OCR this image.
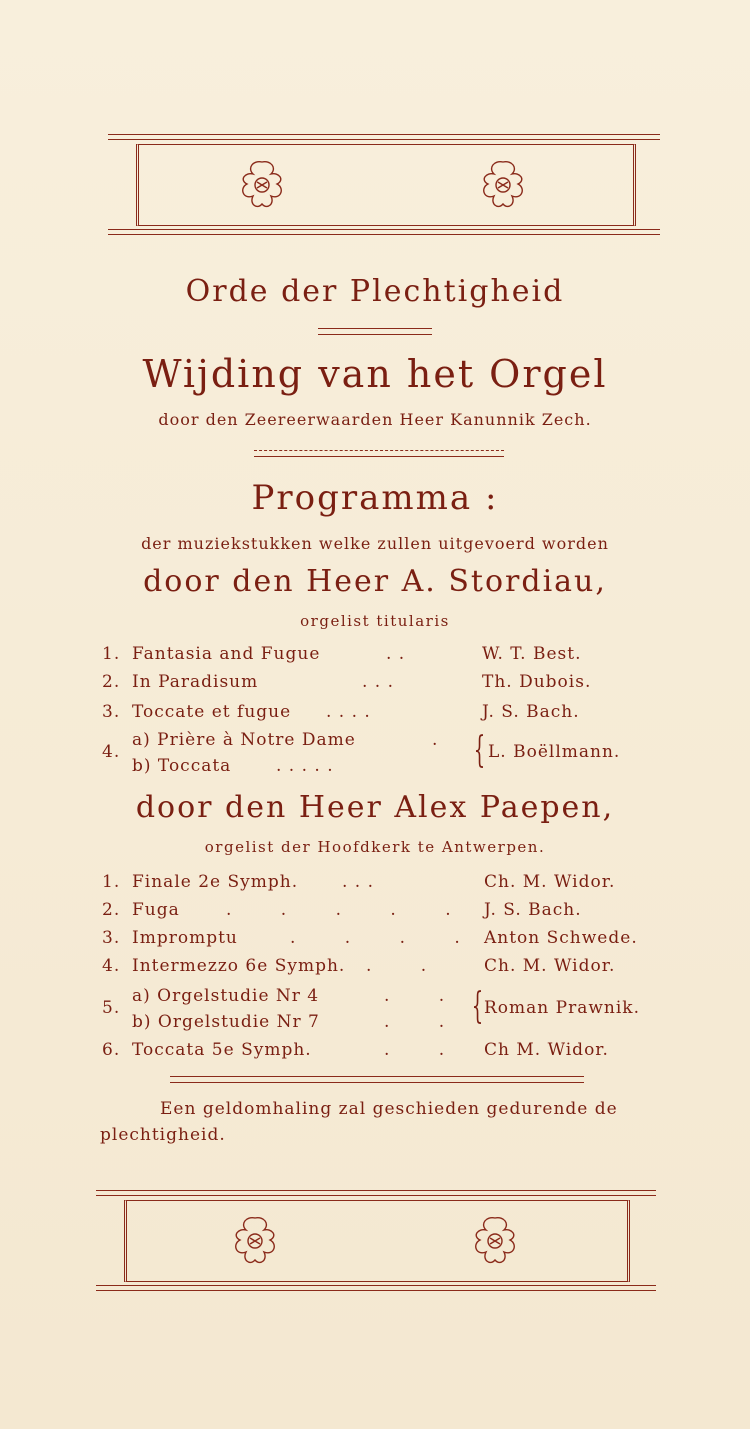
Orde der Plechtigheid
Wijding van het Orgel
door den Zeereerwaarden Heer Kanunnik Zech.
Programma :
der muziekstukken welke zullen uitgevoerd worden
door den Heer A. Stordiau,
orgelist titularis
1. Fantasia and Fugue	. .	W. T. Best.
2. In Paradisum	. . .	Th. Dubois.
3. Toccate et fugue . . . .	J. S. Bach.
4.
a) Prière à Notre Dame	.
b) Toccata	. . . . .	{ L. Boëllmann.
door den Heer Alex Paepen,
orgelist der Hoofdkerk te Antwerpen.
1. Finale 2e Symph.	. . .	Ch. M. Widor.
2. Fuga	. . . . . J. S. Bach.
3. Impromptu	. . . . Anton Schwede.
4. Intermezzo 6e Symph. . . Ch. M. Widor.
5.
a) Orgelstudie Nr 4	. .
b) Orgelstudie Nr 7	. . { Roman Prawnik.
6. Toccata 5e Symph.	. . Ch M. Widor.
Een geldomhaling zal geschieden gedurende de plechtigheid.
